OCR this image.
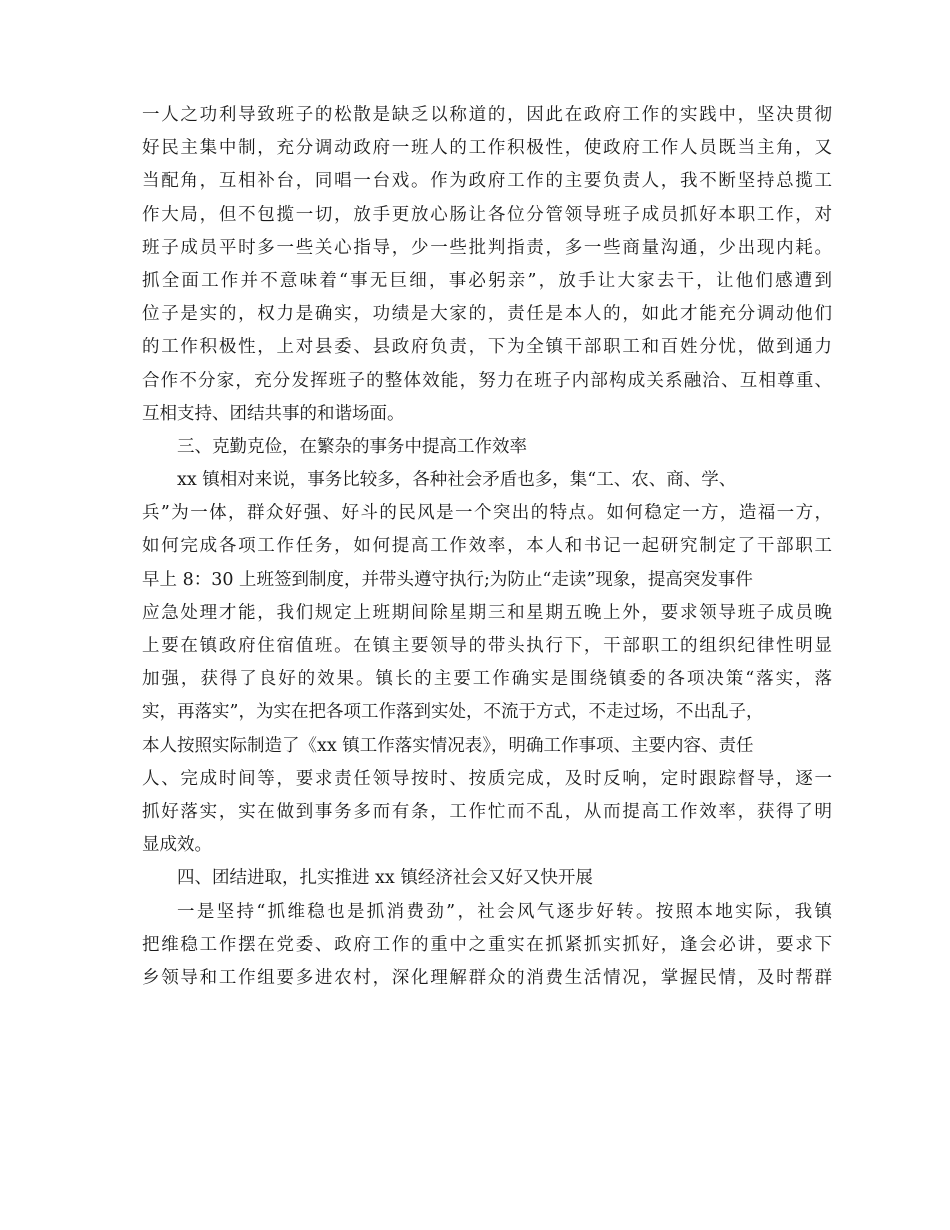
一人之功利导致班子的松散是缺乏以称道的，因此在政府工作的实践中，坚决贯彻
好民主集中制，充分调动政府一班人的工作积极性，使政府工作人员既当主角，又
当配角，互相补台，同唱一台戏。作为政府工作的主要负责人，我不断坚持总揽工
作大局，但不包揽一切，放手更放心肠让各位分管领导班子成员抓好本职工作，对
班子成员平时多一些关心指导，少一些批判指责，多一些商量沟通，少出现内耗。
抓全面工作并不意味着“事无巨细，事必躬亲”，放手让大家去干，让他们感遭到
位子是实的，权力是确实，功绩是大家的，责任是本人的，如此才能充分调动他们
的工作积极性，上对县委、县政府负责，下为全镇干部职工和百姓分忧，做到通力
合作不分家，充分发挥班子的整体效能，努力在班子内部构成关系融洽、互相尊重、
互相支持、团结共事的和谐场面。
三、克勤克俭，在繁杂的事务中提高工作效率
xx 镇相对来说，事务比较多，各种社会矛盾也多，集“工、农、商、学、
兵”为一体，群众好强、好斗的民风是一个突出的特点。如何稳定一方，造福一方，
如何完成各项工作任务，如何提高工作效率，本人和书记一起研究制定了干部职工
早上 8：30 上班签到制度，并带头遵守执行;为防止“走读”现象，提高突发事件
应急处理才能，我们规定上班期间除星期三和星期五晚上外，要求领导班子成员晚
上要在镇政府住宿值班。在镇主要领导的带头执行下，干部职工的组织纪律性明显
加强，获得了良好的效果。镇长的主要工作确实是围绕镇委的各项决策“落实，落
实，再落实”，为实在把各项工作落到实处，不流于方式，不走过场，不出乱子，
本人按照实际制造了《xx 镇工作落实情况表》，明确工作事项、主要内容、责任
人、完成时间等，要求责任领导按时、按质完成，及时反响，定时跟踪督导，逐一
抓好落实，实在做到事务多而有条，工作忙而不乱，从而提高工作效率，获得了明
显成效。
四、团结进取，扎实推进 xx 镇经济社会又好又快开展
一是坚持“抓维稳也是抓消费劲”，社会风气逐步好转。按照本地实际，我镇
把维稳工作摆在党委、政府工作的重中之重实在抓紧抓实抓好，逢会必讲，要求下
乡领导和工作组要多进农村，深化理解群众的消费生活情况，掌握民情，及时帮群
